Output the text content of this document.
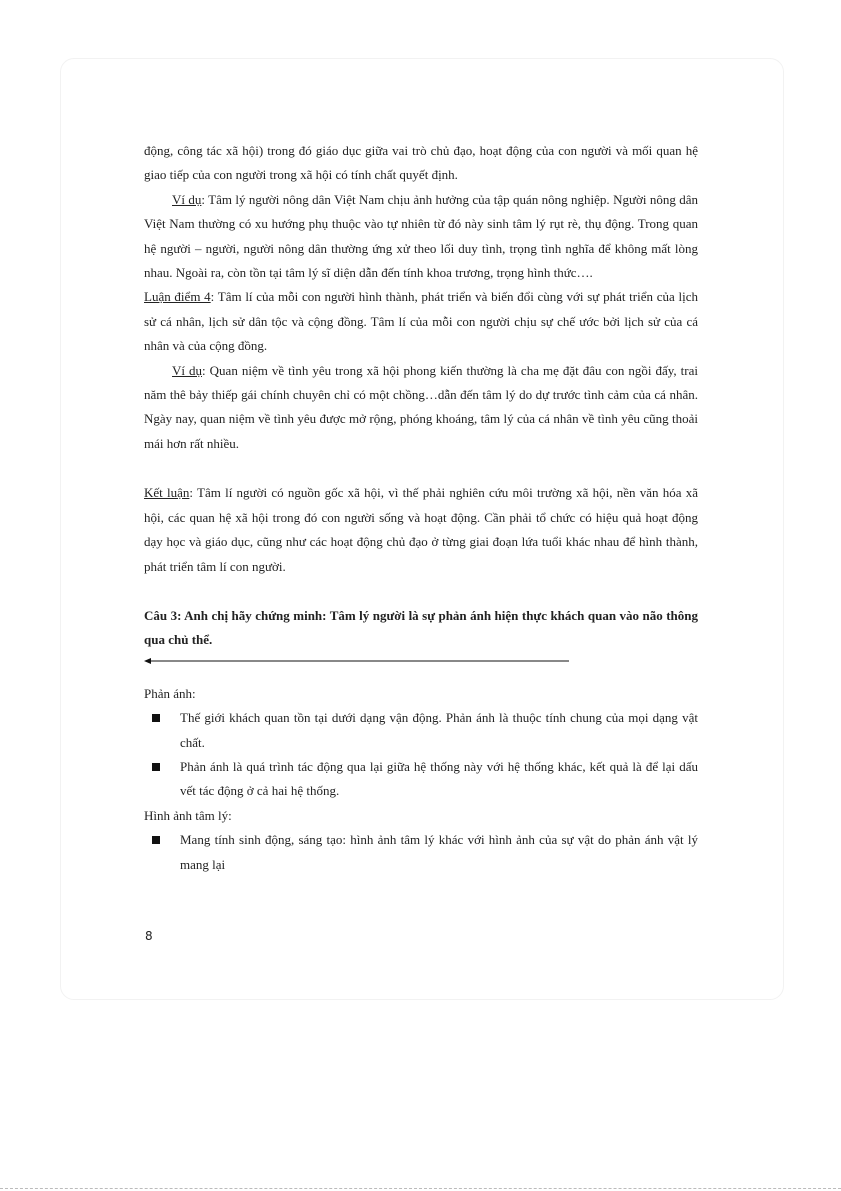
động, công tác xã hội) trong đó giáo dục giữa vai trò chủ đạo, hoạt động của con người và mối quan hệ giao tiếp của con người trong xã hội có tính chất quyết định.

Ví dụ: Tâm lý người nông dân Việt Nam chịu ảnh hưởng của tập quán nông nghiệp. Người nông dân Việt Nam thường có xu hướng phụ thuộc vào tự nhiên từ đó này sinh tâm lý rụt rè, thụ động. Trong quan hệ người – người, người nông dân thường ứng xử theo lối duy tình, trọng tình nghĩa để không mất lòng nhau. Ngoài ra, còn tồn tại tâm lý sĩ diện dẫn đến tính khoa trương, trọng hình thức….

Luận điểm 4: Tâm lí của mỗi con người hình thành, phát triển và biến đổi cùng với sự phát triển của lịch sử cá nhân, lịch sử dân tộc và cộng đồng. Tâm lí của mỗi con người chịu sự chế ước bởi lịch sử của cá nhân và của cộng đồng.

Ví dụ: Quan niệm về tình yêu trong xã hội phong kiến thường là cha mẹ đặt đâu con ngồi đấy, trai năm thê bảy thiếp gái chính chuyên chỉ có một chồng…dẫn đến tâm lý do dự trước tình cảm của cá nhân. Ngày nay, quan niệm về tình yêu được mở rộng, phóng khoáng, tâm lý của cá nhân về tình yêu cũng thoải mái hơn rất nhiều.

Kết luận: Tâm lí người có nguồn gốc xã hội, vì thế phải nghiên cứu môi trường xã hội, nền văn hóa xã hội, các quan hệ xã hội trong đó con người sống và hoạt động. Cần phải tổ chức có hiệu quả hoạt động dạy học và giáo dục, cũng như các hoạt động chủ đạo ở từng giai đoạn lứa tuổi khác nhau để hình thành, phát triển tâm lí con người.

Câu 3: Anh chị hãy chứng minh: Tâm lý người là sự phản ánh hiện thực khách quan vào não thông qua chủ thể.

Phản ánh:

Thế giới khách quan tồn tại dưới dạng vận động. Phản ánh là thuộc tính chung của mọi dạng vật chất.
Phản ánh là quá trình tác động qua lại giữa hệ thống này với hệ thống khác, kết quả là để lại dấu vết tác động ở cả hai hệ thống.

Hình ảnh tâm lý:

Mang tính sinh động, sáng tạo: hình ảnh tâm lý khác với hình ảnh của sự vật do phản ánh vật lý mang lại
8
